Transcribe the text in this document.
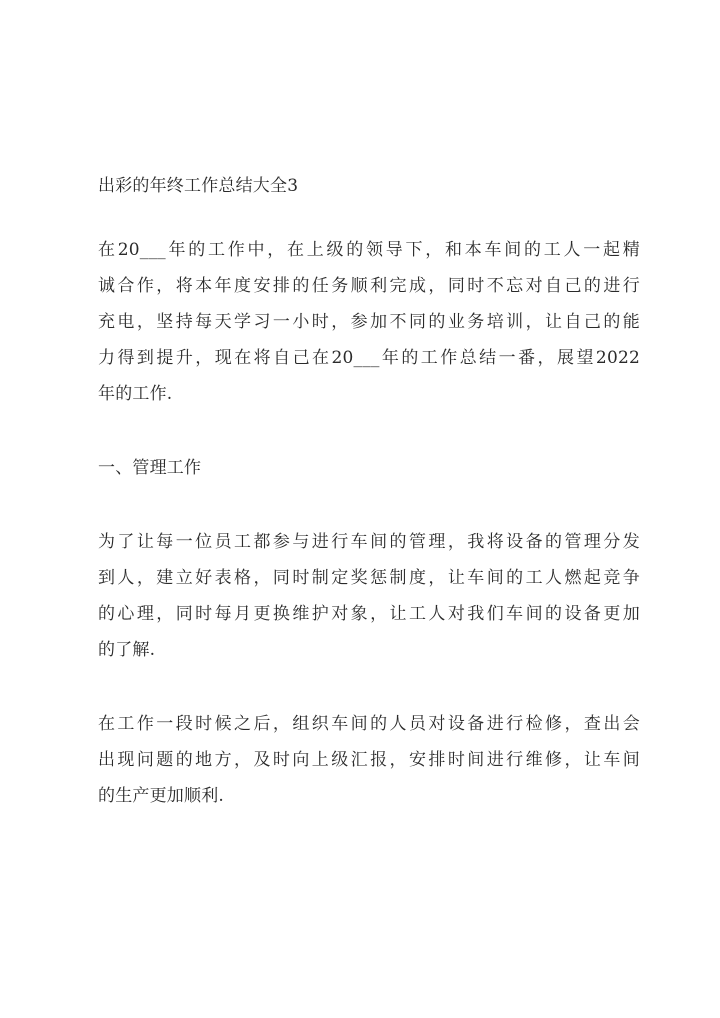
出彩的年终工作总结大全3
在20___年的工作中，在上级的领导下，和本车间的工人一起精
诚合作，将本年度安排的任务顺利完成，同时不忘对自己的进行
充电，坚持每天学习一小时，参加不同的业务培训，让自己的能
力得到提升，现在将自己在20___年的工作总结一番，展望2022
年的工作.
一、管理工作
为了让每一位员工都参与进行车间的管理，我将设备的管理分发
到人，建立好表格，同时制定奖惩制度，让车间的工人燃起竞争
的心理，同时每月更换维护对象，让工人对我们车间的设备更加
的了解.
在工作一段时候之后，组织车间的人员对设备进行检修，查出会
出现问题的地方，及时向上级汇报，安排时间进行维修，让车间
的生产更加顺利.
